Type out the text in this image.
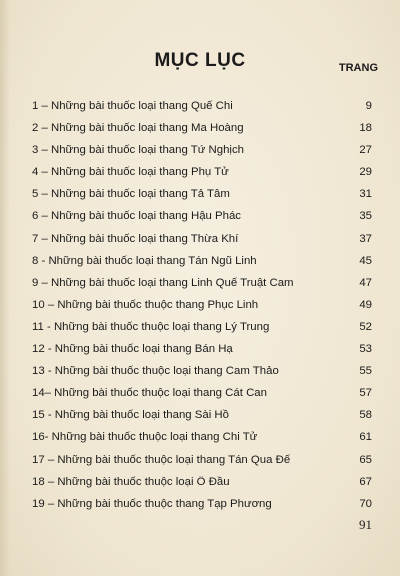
MỤC LỤC	TRANG
1 – Những bài thuốc loại thang Quế Chi	9
2 – Những bài thuốc loại thang Ma Hoàng	18
3 – Những bài thuốc loại thang Tứ Nghịch	27
4 – Những bài thuốc loại thang Phụ Tử	29
5 – Những bài thuốc loại thang Tả Tâm	31
6 – Những bài thuốc loại thang Hậu Phác	35
7 – Những bài thuốc loại thang Thừa Khí	37
8 - Những bài thuốc loại thang Tán Ngũ Linh	45
9 – Những bài thuốc loại thang Linh Quế Truật Cam	47
10 – Những bài thuốc thuộc thang Phục Linh	49
11 - Những bài thuốc thuộc loại thang Lý Trung	52
12 - Những bài thuốc loại thang Bán Hạ	53
13 - Những bài thuốc thuộc loại thang Cam Thảo	55
14– Những bài thuốc thuộc loại thang Cát Can	57
15 - Những bài thuốc loại thang Sài Hồ	58
16- Những bài thuốc thuộc loại thang Chi Tử	61
17 – Những bài thuốc thuộc loại thang Tán Qua Đế	65
18 – Những bài thuốc thuộc loại Ô Đầu	67
19 – Những bài thuốc thuộc thang Tạp Phương	70
91
